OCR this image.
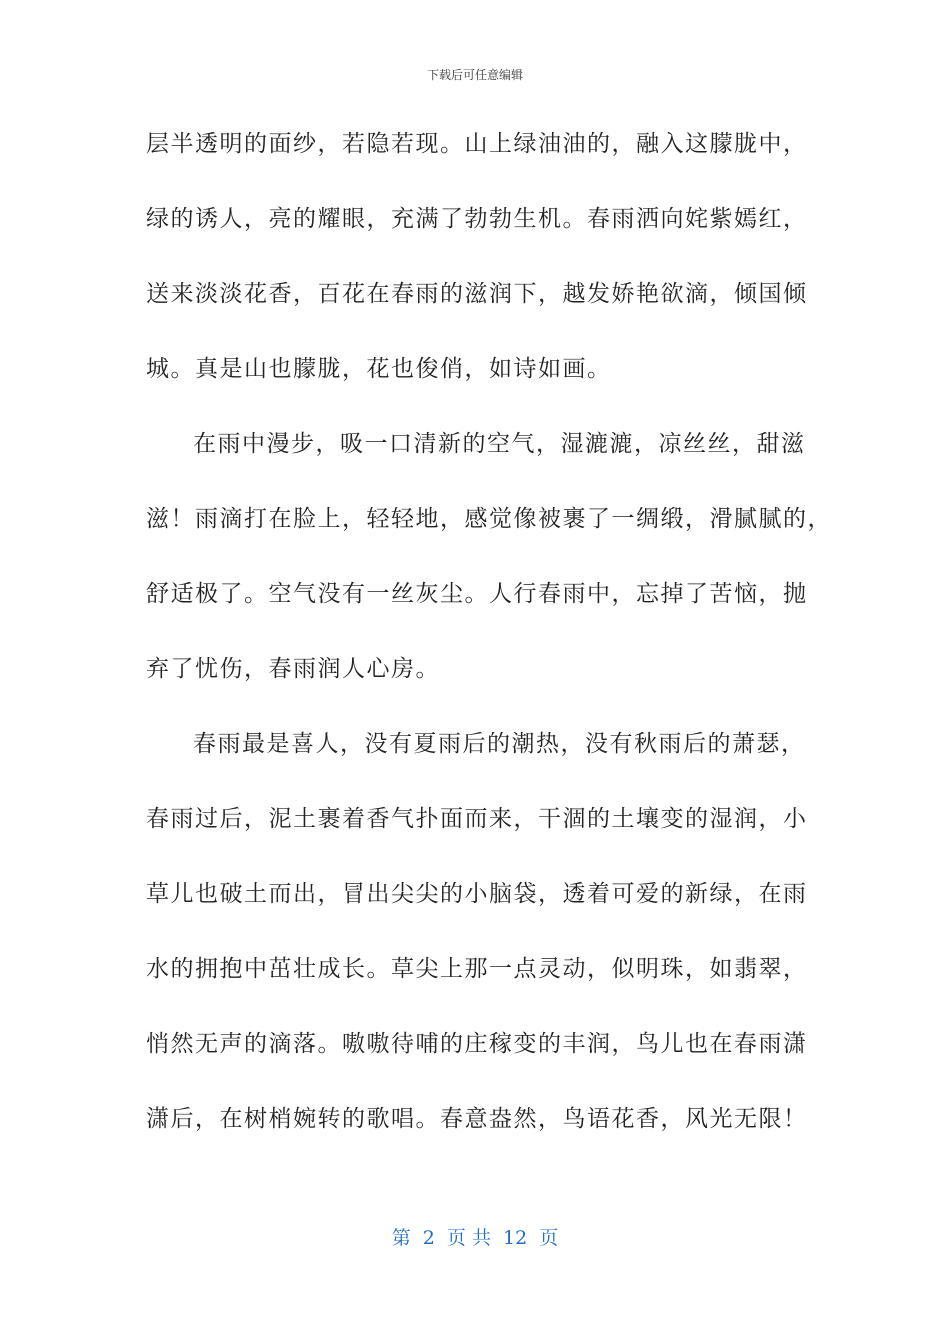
下载后可任意编辑
层半透明的面纱，若隐若现。山上绿油油的，融入这朦胧中，
绿的诱人，亮的耀眼，充满了勃勃生机。春雨洒向姹紫嫣红，
送来淡淡花香，百花在春雨的滋润下，越发娇艳欲滴，倾国倾
城。真是山也朦胧，花也俊俏，如诗如画。
在雨中漫步，吸一口清新的空气，湿漉漉，凉丝丝，甜滋
滋！雨滴打在脸上，轻轻地，感觉像被裹了一绸缎，滑腻腻的，
舒适极了。空气没有一丝灰尘。人行春雨中，忘掉了苦恼，抛
弃了忧伤，春雨润人心房。
春雨最是喜人，没有夏雨后的潮热，没有秋雨后的萧瑟，
春雨过后，泥土裹着香气扑面而来，干涸的土壤变的湿润，小
草儿也破土而出，冒出尖尖的小脑袋，透着可爱的新绿，在雨
水的拥抱中茁壮成长。草尖上那一点灵动，似明珠，如翡翠，
悄然无声的滴落。嗷嗷待哺的庄稼变的丰润，鸟儿也在春雨潇
潇后，在树梢婉转的歌唱。春意盎然，鸟语花香，风光无限！
第  2  页 共  12  页
